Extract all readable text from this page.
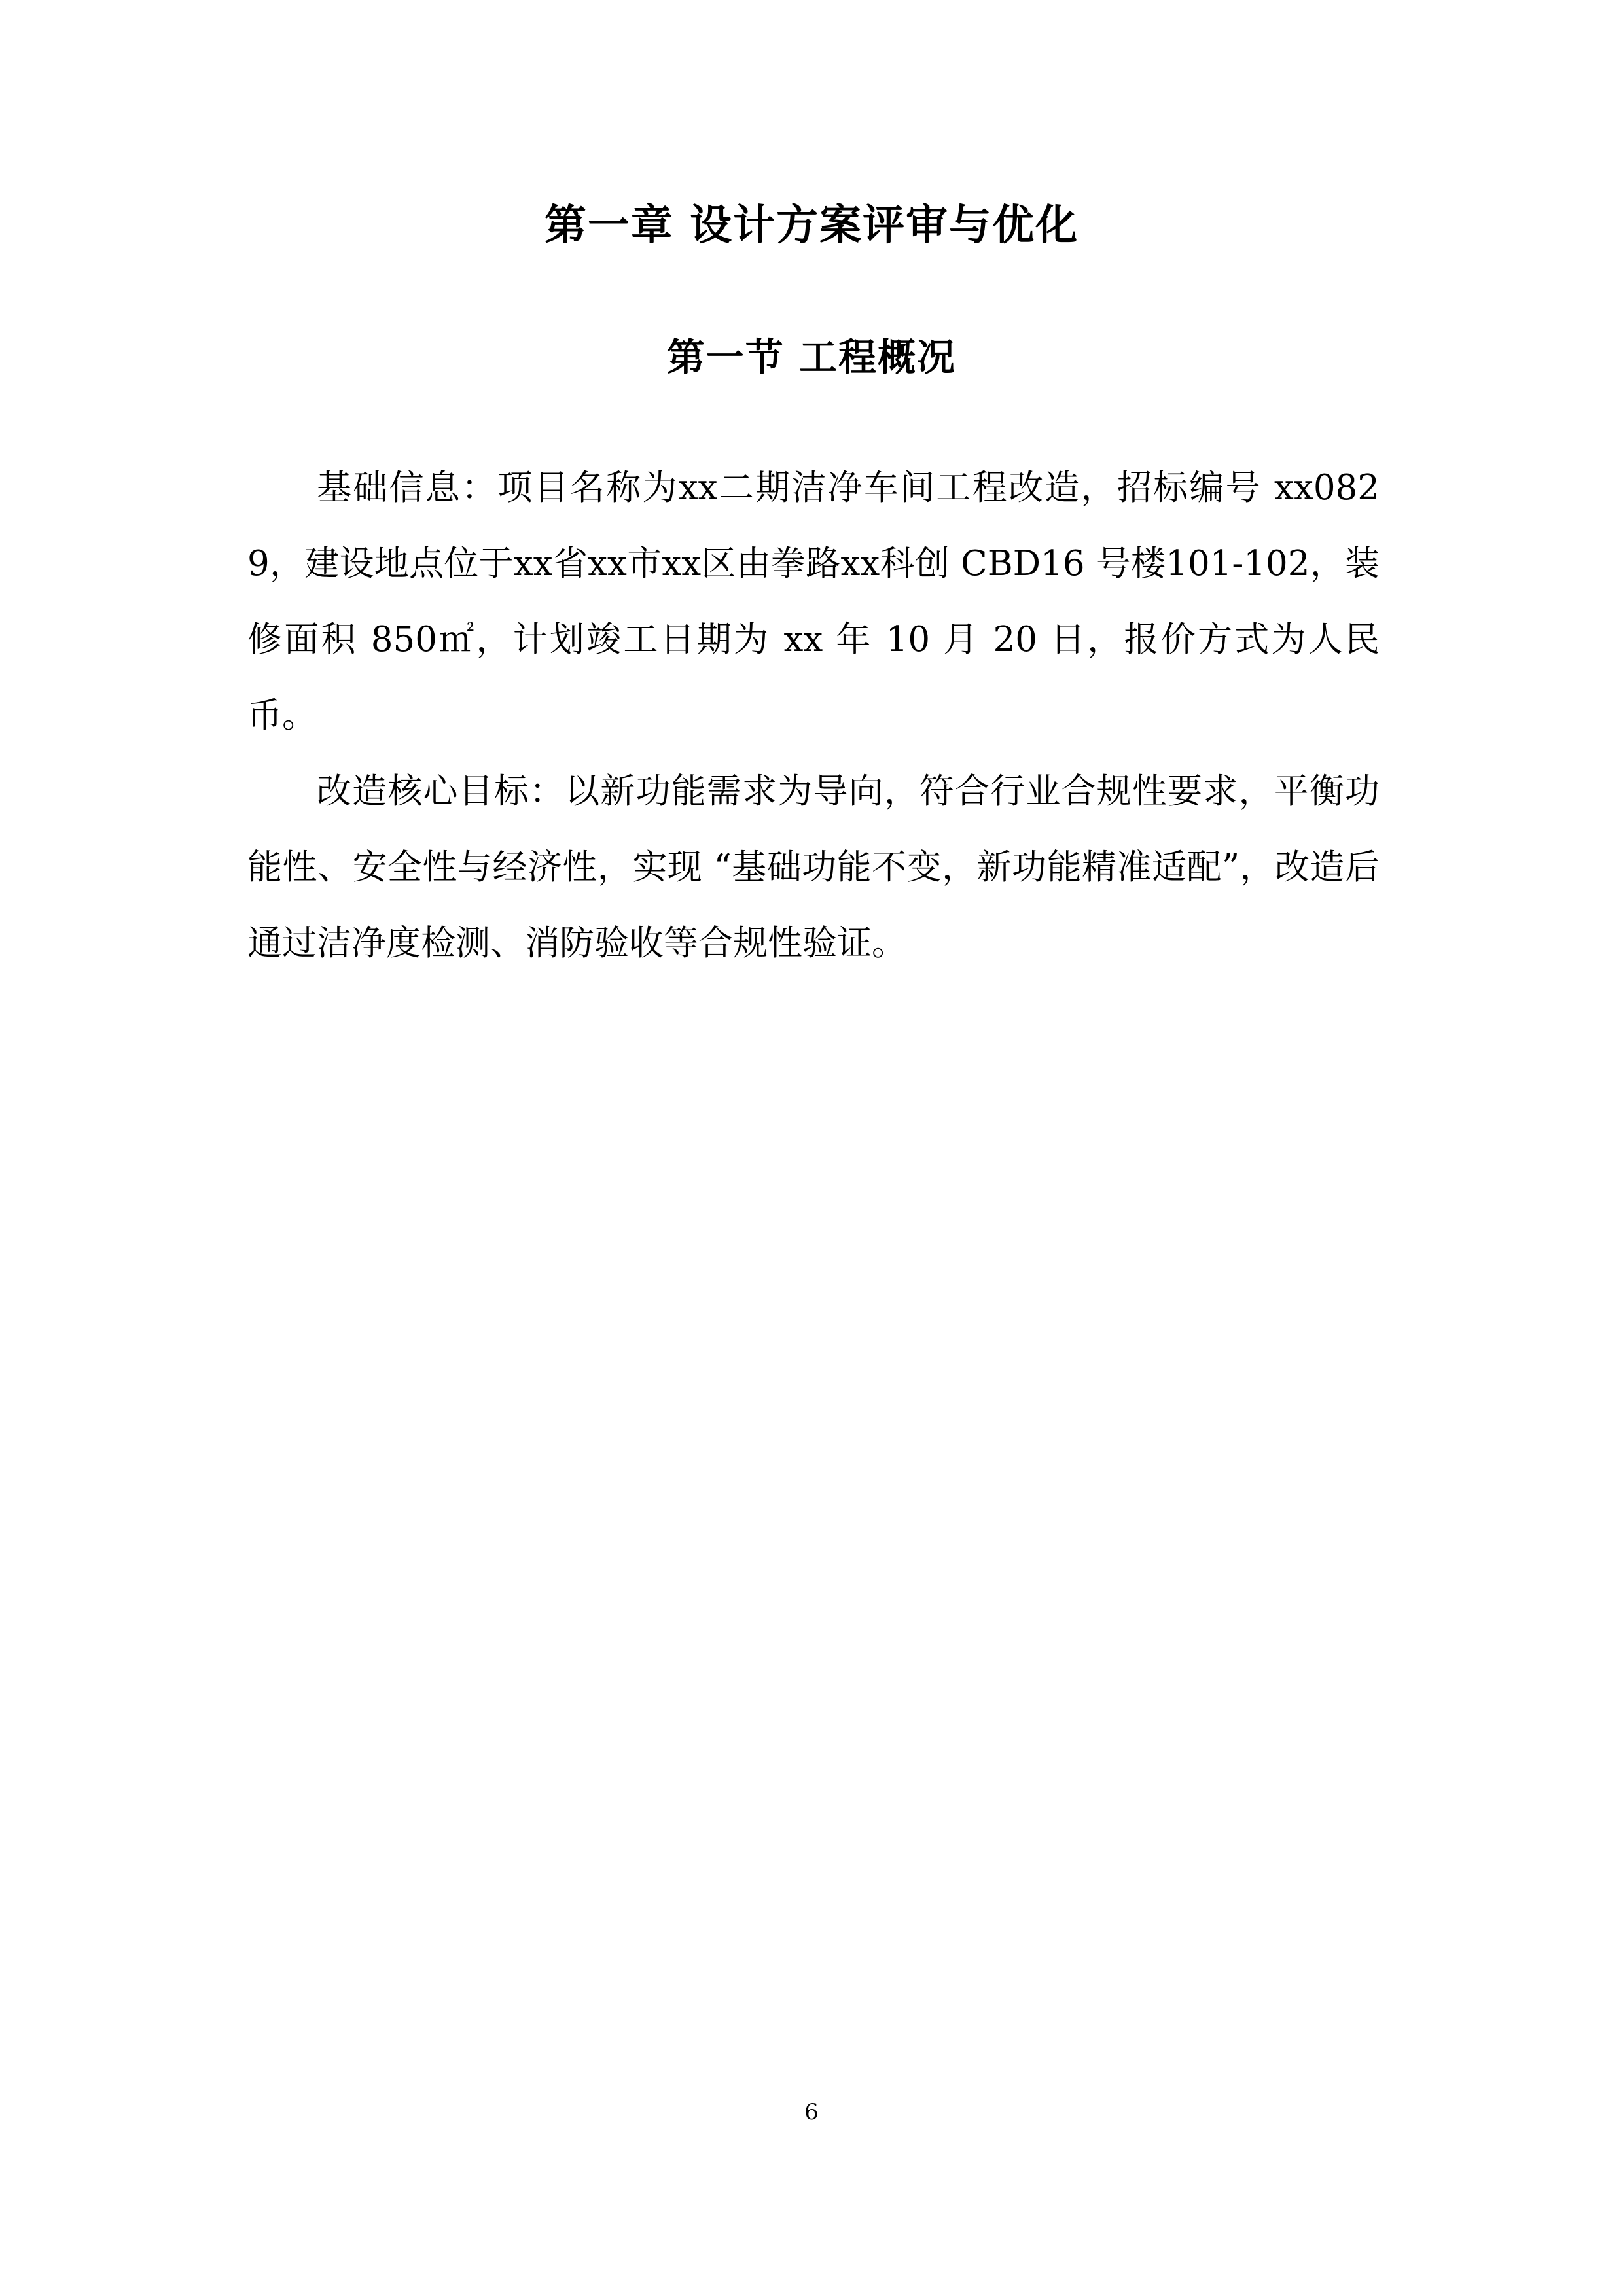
第一章 设计方案评审与优化
第一节 工程概况

基础信息：项目名称为xx二期洁净车间工程改造，招标编号 xx0829，建设地点位于xx省xx市xx区由拳路xx科创 CBD16 号楼101-102，装修面积 850㎡，计划竣工日期为 xx 年 10 月 20 日，报价方式为人民币。

改造核心目标：以新功能需求为导向，符合行业合规性要求，平衡功能性、安全性与经济性，实现 “基础功能不变，新功能精准适配”，改造后通过洁净度检测、消防验收等合规性验证。

6
